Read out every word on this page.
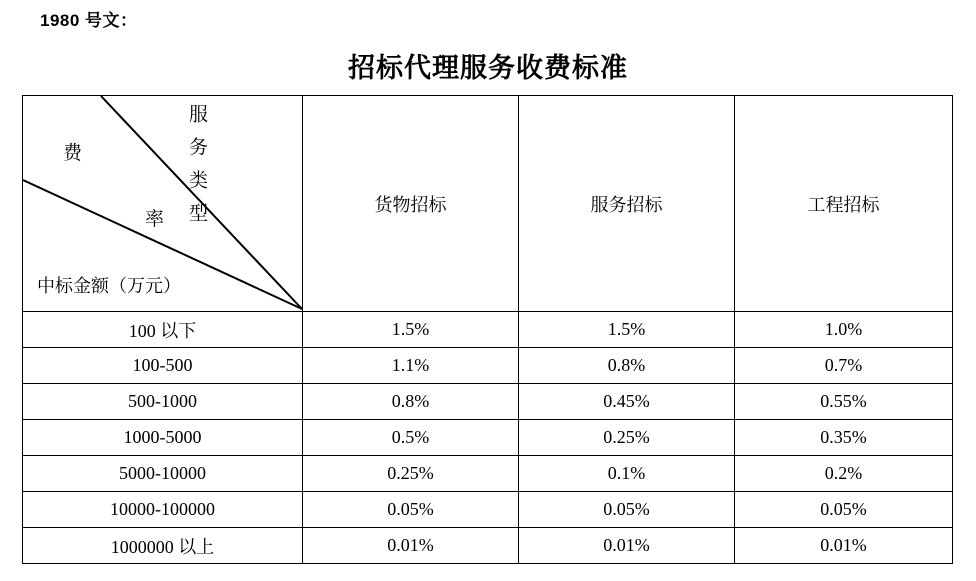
1980 号文：
招标代理服务收费标准
费
率 服务类型
中标金额（万元）	货物招标	服务招标	工程招标
100 以下	1.5%	1.5%	1.0%
100-500	1.1%	0.8%	0.7%
500-1000	0.8%	0.45%	0.55%
1000-5000	0.5%	0.25%	0.35%
5000-10000	0.25%	0.1%	0.2%
10000-100000	0.05%	0.05%	0.05%
1000000 以上	0.01%	0.01%	0.01%
